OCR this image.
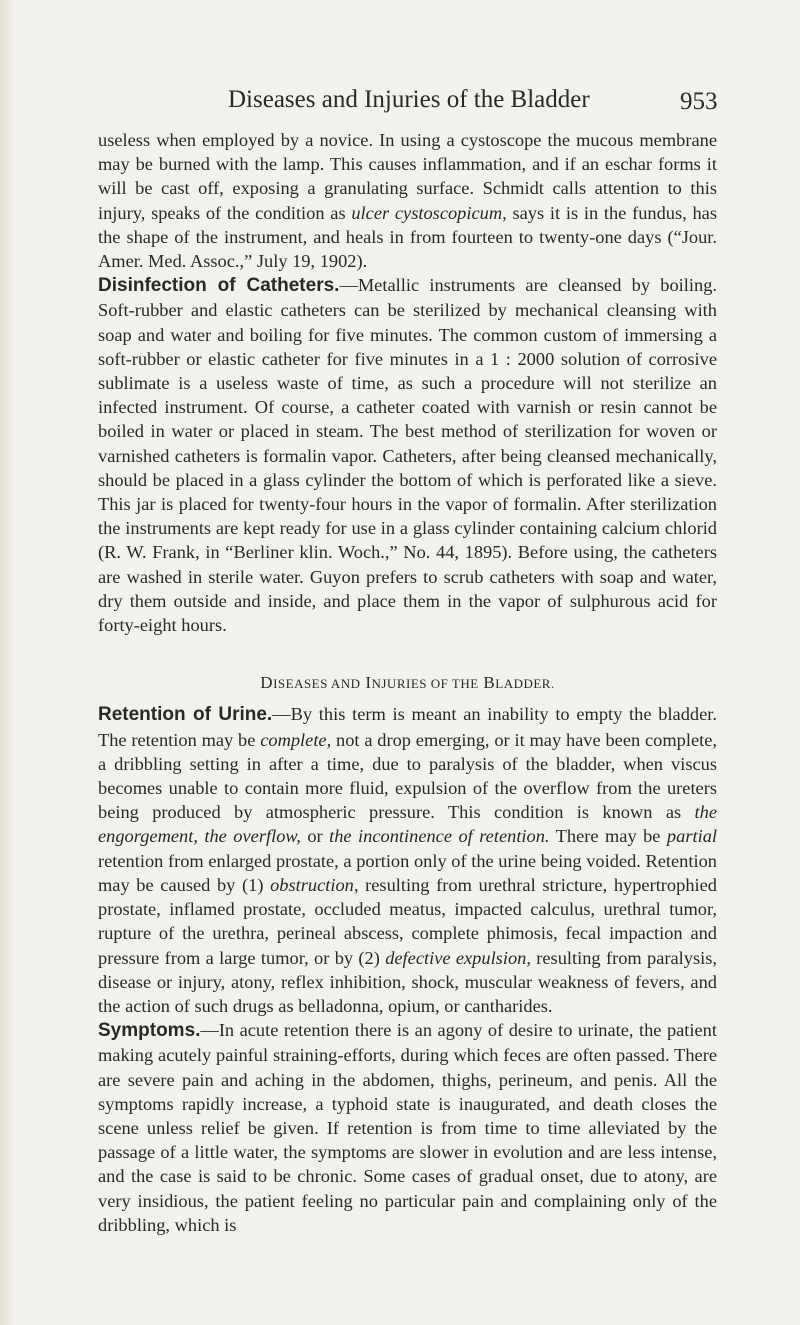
Diseases and Injuries of the Bladder	953

useless when employed by a novice. In using a cystoscope the mucous membrane may be burned with the lamp. This causes inflammation, and if an eschar forms it will be cast off, exposing a granulating surface. Schmidt calls attention to this injury, speaks of the condition as ulcer cystoscopicum, says it is in the fundus, has the shape of the instrument, and heals in from fourteen to twenty-one days (“Jour. Amer. Med. Assoc.,” July 19, 1902).

Disinfection of Catheters.—Metallic instruments are cleansed by boiling. Soft-rubber and elastic catheters can be sterilized by mechanical cleansing with soap and water and boiling for five minutes. The common custom of immersing a soft-rubber or elastic catheter for five minutes in a 1 : 2000 solution of corrosive sublimate is a useless waste of time, as such a procedure will not sterilize an infected instrument. Of course, a catheter coated with varnish or resin cannot be boiled in water or placed in steam. The best method of sterilization for woven or varnished catheters is formalin vapor. Catheters, after being cleansed mechanically, should be placed in a glass cylinder the bottom of which is perforated like a sieve. This jar is placed for twenty-four hours in the vapor of formalin. After sterilization the instruments are kept ready for use in a glass cylinder containing calcium chlorid (R. W. Frank, in “Berliner klin. Woch.,” No. 44, 1895). Before using, the catheters are washed in sterile water. Guyon prefers to scrub catheters with soap and water, dry them outside and inside, and place them in the vapor of sulphurous acid for forty-eight hours.

DISEASES AND INJURIES OF THE BLADDER.

Retention of Urine.—By this term is meant an inability to empty the bladder. The retention may be complete, not a drop emerging, or it may have been complete, a dribbling setting in after a time, due to paralysis of the bladder, when viscus becomes unable to contain more fluid, expulsion of the overflow from the ureters being produced by atmospheric pressure. This condition is known as the engorgement, the overflow, or the incontinence of retention. There may be partial retention from enlarged prostate, a portion only of the urine being voided. Retention may be caused by (1) obstruction, resulting from urethral stricture, hypertrophied prostate, inflamed prostate, occluded meatus, impacted calculus, urethral tumor, rupture of the urethra, perineal abscess, complete phimosis, fecal impaction and pressure from a large tumor, or by (2) defective expulsion, resulting from paralysis, disease or injury, atony, reflex inhibition, shock, muscular weakness of fevers, and the action of such drugs as belladonna, opium, or cantharides.

Symptoms.—In acute retention there is an agony of desire to urinate, the patient making acutely painful straining-efforts, during which feces are often passed. There are severe pain and aching in the abdomen, thighs, perineum, and penis. All the symptoms rapidly increase, a typhoid state is inaugurated, and death closes the scene unless relief be given. If retention is from time to time alleviated by the passage of a little water, the symptoms are slower in evolution and are less intense, and the case is said to be chronic. Some cases of gradual onset, due to atony, are very insidious, the patient feeling no particular pain and complaining only of the dribbling, which is
